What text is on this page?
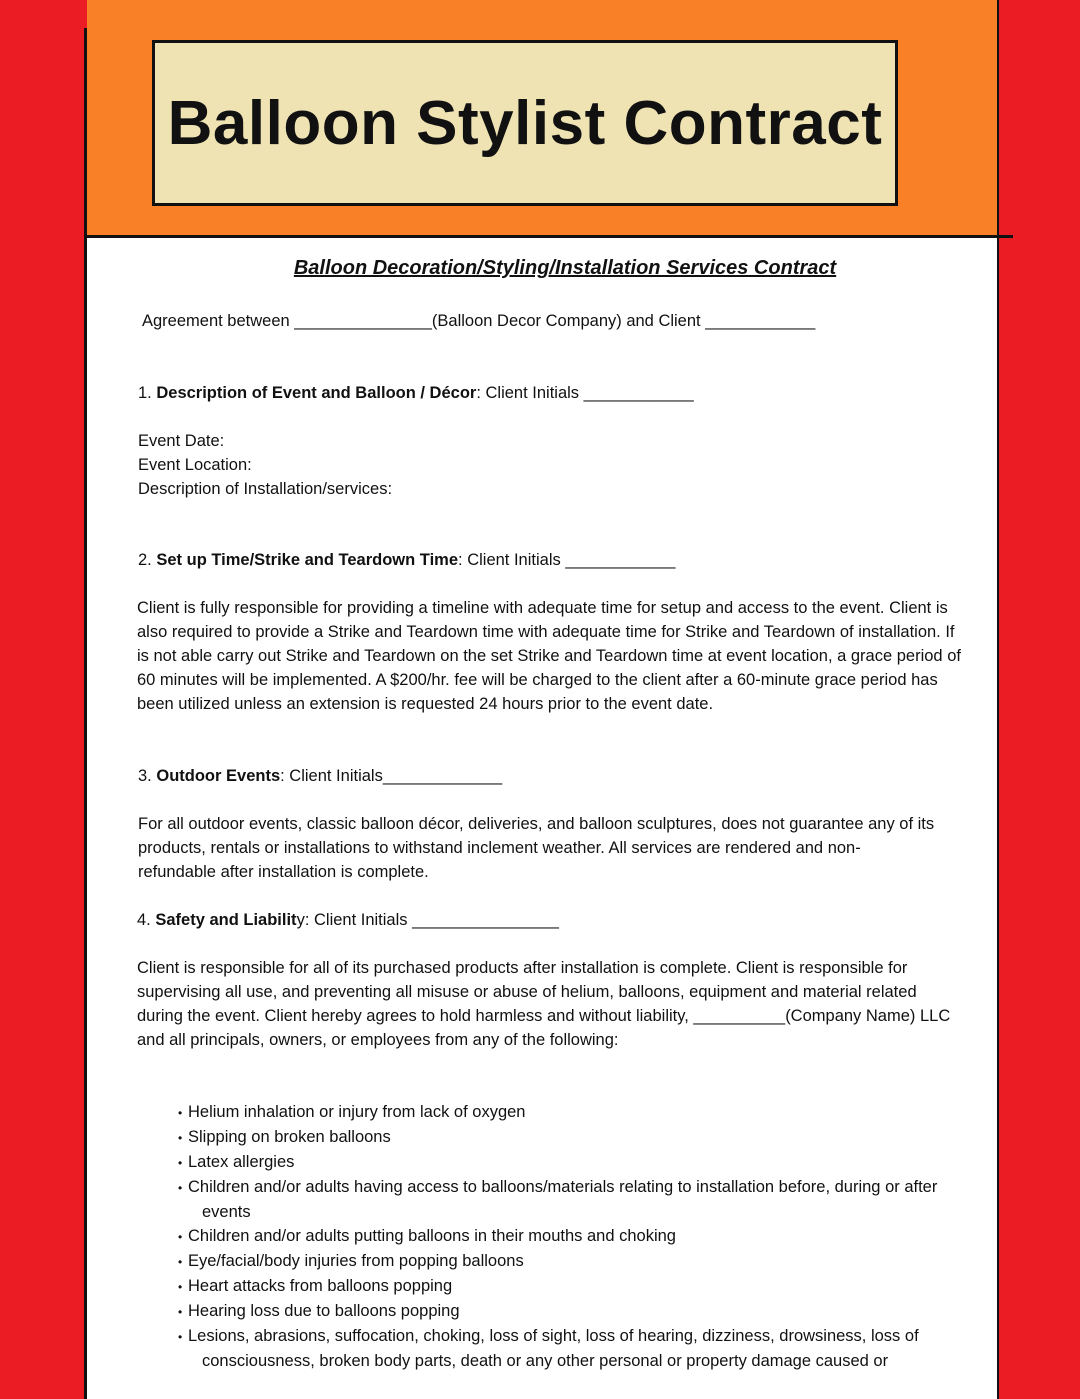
Balloon Stylist Contract
Balloon Decoration/Styling/Installation Services Contract
Agreement between _______________(Balloon Decor Company) and Client ____________
1. Description of Event and Balloon / Décor: Client Initials ____________
Event Date:
Event Location:
Description of Installation/services:
2. Set up Time/Strike and Teardown Time: Client Initials ____________
Client is fully responsible for providing a timeline with adequate time for setup and access to the event. Client is also required to provide a Strike and Teardown time with adequate time for Strike and Teardown of installation. If is not able carry out Strike and Teardown on the set Strike and Teardown time at event location, a grace period of 60 minutes will be implemented. A $200/hr. fee will be charged to the client after a 60-minute grace period has been utilized unless an extension is requested 24 hours prior to the event date.
3. Outdoor Events: Client Initials_____________
For all outdoor events, classic balloon décor, deliveries, and balloon sculptures, does not guarantee any of its products, rentals or installations to withstand inclement weather. All services are rendered and non-refundable after installation is complete.
4. Safety and Liability: Client Initials ________________
Client is responsible for all of its purchased products after installation is complete. Client is responsible for supervising all use, and preventing all misuse or abuse of helium, balloons, equipment and material related during the event. Client hereby agrees to hold harmless and without liability, __________(Company Name) LLC and all principals, owners, or employees from any of the following:
• Helium inhalation or injury from lack of oxygen
• Slipping on broken balloons
• Latex allergies
• Children and/or adults having access to balloons/materials relating to installation before, during or after events
• Children and/or adults putting balloons in their mouths and choking
• Eye/facial/body injuries from popping balloons
• Heart attacks from balloons popping
• Hearing loss due to balloons popping
• Lesions, abrasions, suffocation, choking, loss of sight, loss of hearing, dizziness, drowsiness, loss of consciousness, broken body parts, death or any other personal or property damage caused or
